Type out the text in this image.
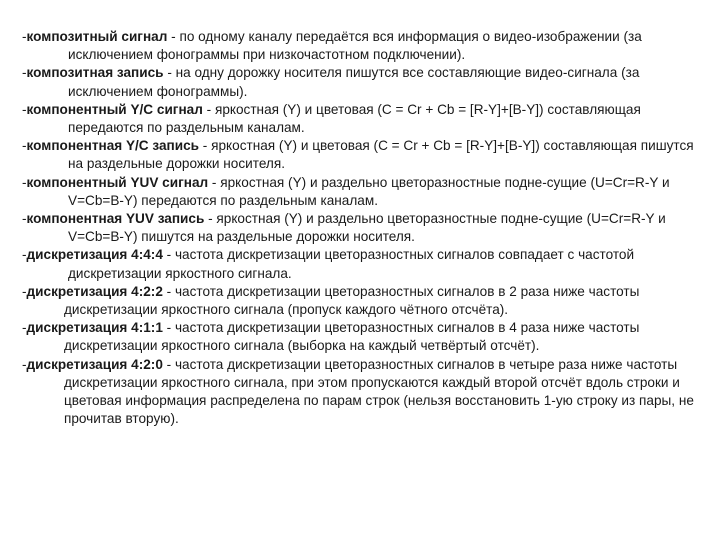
-композитный сигнал - по одному каналу передаётся вся информация о видео-изображении (за исключением фонограммы при низкочастотном подключении).

-композитная запись - на одну дорожку носителя пишутся все составляющие видео-сигнала (за исключением фонограммы).

-компонентный Y/C сигнал - яркостная (Y) и цветовая (C = Cr + Cb = [R-Y]+[B-Y]) составляющая передаются по раздельным каналам.

-компонентная Y/C запись - яркостная (Y) и цветовая (C = Cr + Cb = [R-Y]+[B-Y]) составляющая пишутся на раздельные дорожки носителя.

-компонентный YUV сигнал - яркостная (Y) и раздельно цветоразностные подне-сущие (U=Cr=R-Y и V=Cb=B-Y) передаются по раздельным каналам.

-компонентная YUV запись - яркостная (Y) и раздельно цветоразностные подне-сущие (U=Cr=R-Y и V=Cb=B-Y) пишутся на раздельные дорожки носителя.

-дискретизация 4:4:4 - частота дискретизации цветоразностных сигналов совпадает с частотой дискретизации яркостного сигнала.

-дискретизация 4:2:2 - частота дискретизации цветоразностных сигналов в 2 раза ниже частоты дискретизации яркостного сигнала (пропуск каждого чётного отсчёта).

-дискретизация 4:1:1 - частота дискретизации цветоразностных сигналов в 4 раза ниже частоты дискретизации яркостного сигнала (выборка на каждый четвёртый отсчёт).

-дискретизация 4:2:0 - частота дискретизации цветоразностных сигналов в четыре раза ниже частоты дискретизации яркостного сигнала, при этом пропускаются каждый второй отсчёт вдоль строки и цветовая информация распределена по парам строк (нельзя восстановить 1-ую строку из пары, не прочитав вторую).
